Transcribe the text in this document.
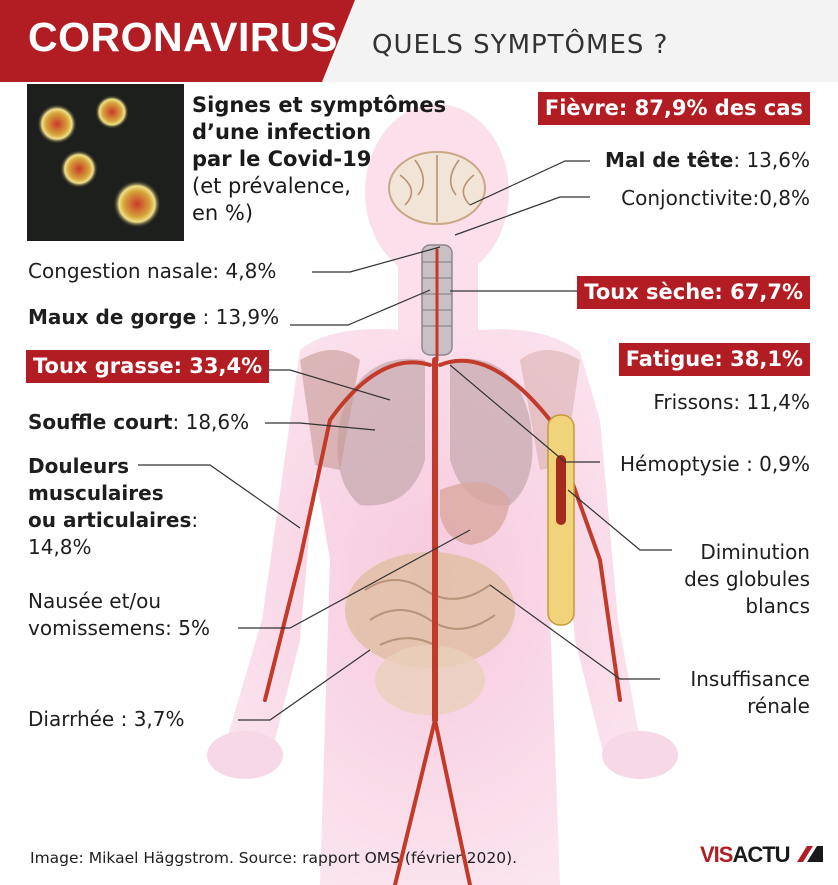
CORONAVIRUS QUELS SYMPTÔMES ?
Signes et symptômes
d’une infection
par le Covid-19
(et prévalence,
en %)
Fièvre: 87,9% des cas
Mal de tête: 13,6%
Conjonctivite:0,8%
Toux sèche: 67,7%
Fatigue: 38,1%
Frissons: 11,4%
Hémoptysie : 0,9%
Diminution
des globules
blancs
Insuffisance
rénale
Congestion nasale: 4,8%
Maux de gorge : 13,9%
Toux grasse: 33,4%
Souffle court: 18,6%
Douleurs
musculaires
ou articulaires:
14,8%
Nausée et/ou
vomissemens: 5%
Diarrhée : 3,7%
Image: Mikael Häggstrom. Source: rapport OMS (février 2020).	VISACTU
